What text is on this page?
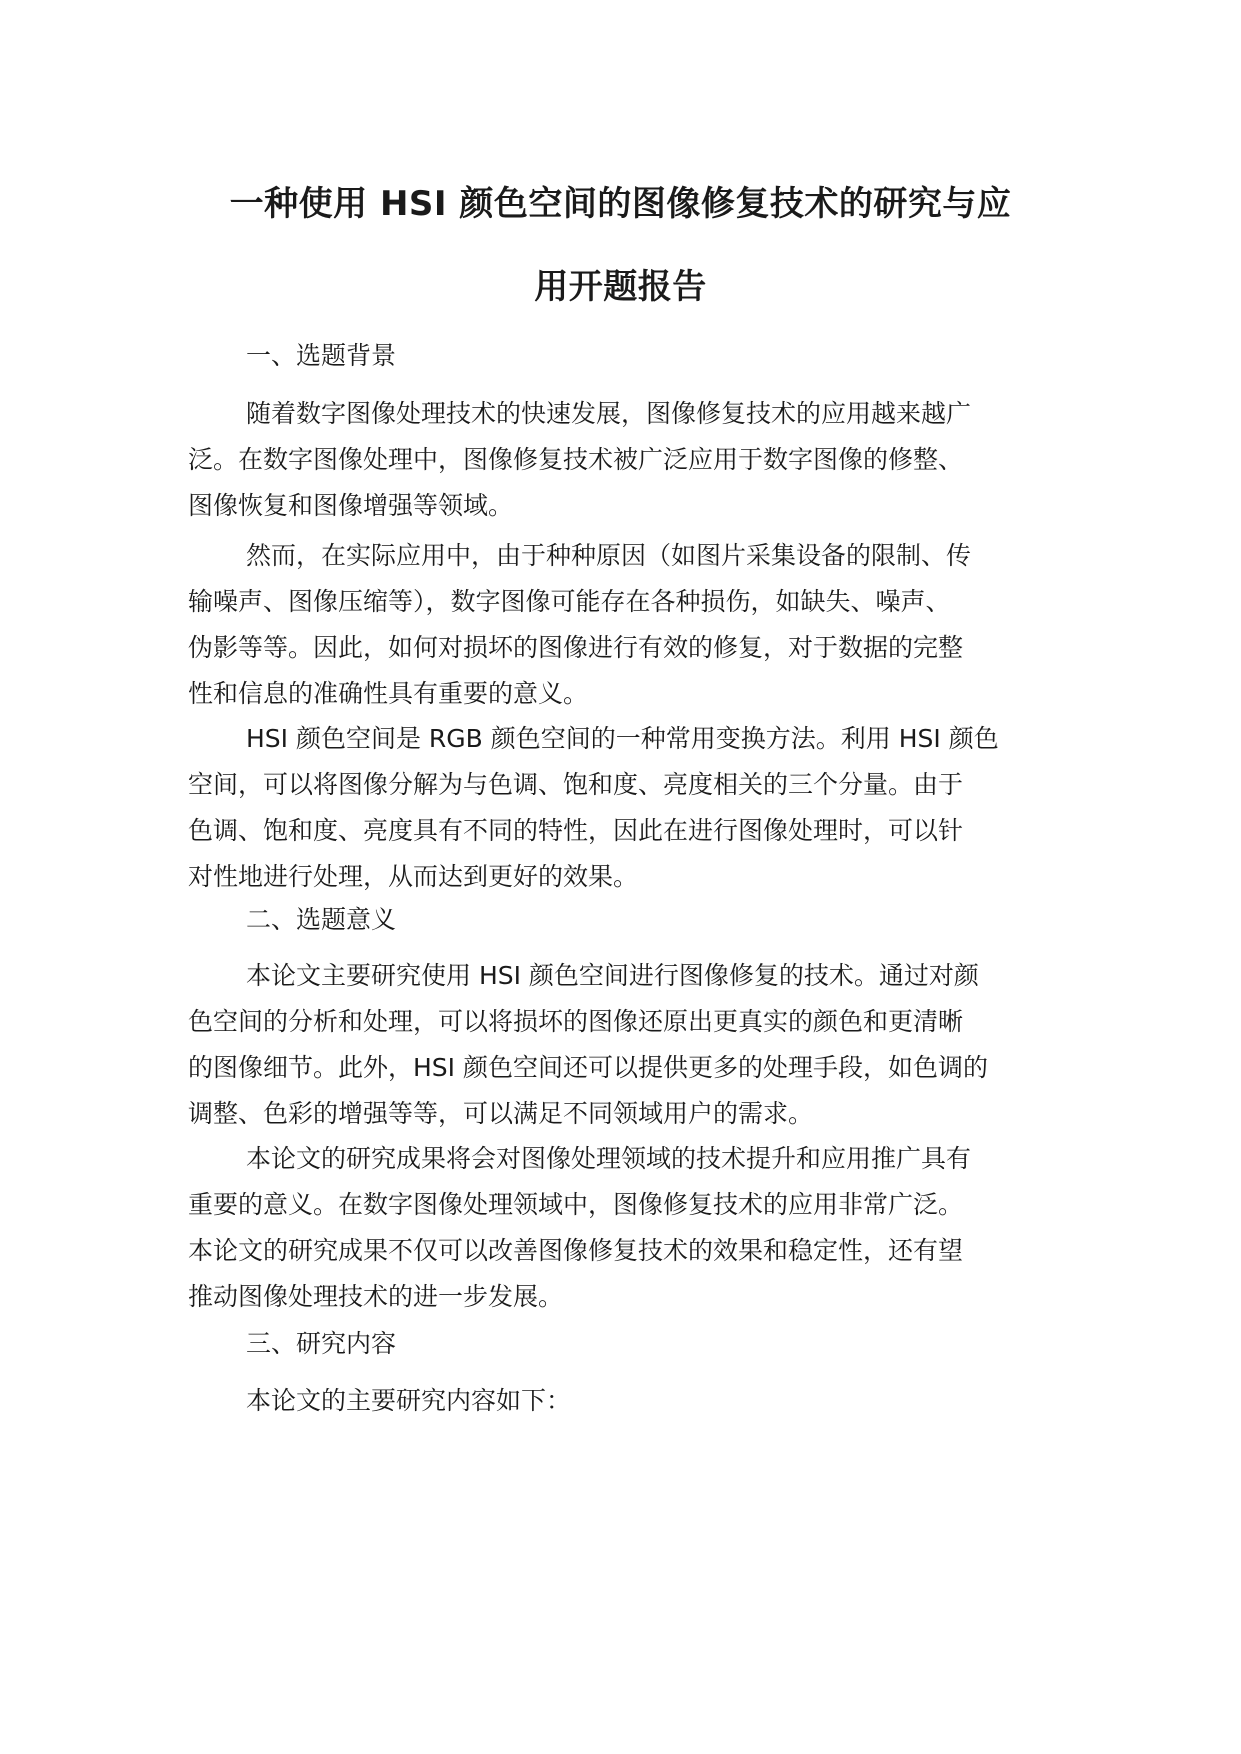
一种使用 HSI 颜色空间的图像修复技术的研究与应
用开题报告
一、选题背景
随着数字图像处理技术的快速发展，图像修复技术的应用越来越广
泛。在数字图像处理中，图像修复技术被广泛应用于数字图像的修整、
图像恢复和图像增强等领域。
然而，在实际应用中，由于种种原因（如图片采集设备的限制、传
输噪声、图像压缩等），数字图像可能存在各种损伤，如缺失、噪声、
伪影等等。因此，如何对损坏的图像进行有效的修复，对于数据的完整
性和信息的准确性具有重要的意义。
HSI 颜色空间是 RGB 颜色空间的一种常用变换方法。利用 HSI 颜色
空间，可以将图像分解为与色调、饱和度、亮度相关的三个分量。由于
色调、饱和度、亮度具有不同的特性，因此在进行图像处理时，可以针
对性地进行处理，从而达到更好的效果。
二、选题意义
本论文主要研究使用 HSI 颜色空间进行图像修复的技术。通过对颜
色空间的分析和处理，可以将损坏的图像还原出更真实的颜色和更清晰
的图像细节。此外，HSI 颜色空间还可以提供更多的处理手段，如色调的
调整、色彩的增强等等，可以满足不同领域用户的需求。
本论文的研究成果将会对图像处理领域的技术提升和应用推广具有
重要的意义。在数字图像处理领域中，图像修复技术的应用非常广泛。
本论文的研究成果不仅可以改善图像修复技术的效果和稳定性，还有望
推动图像处理技术的进一步发展。
三、研究内容
本论文的主要研究内容如下：
